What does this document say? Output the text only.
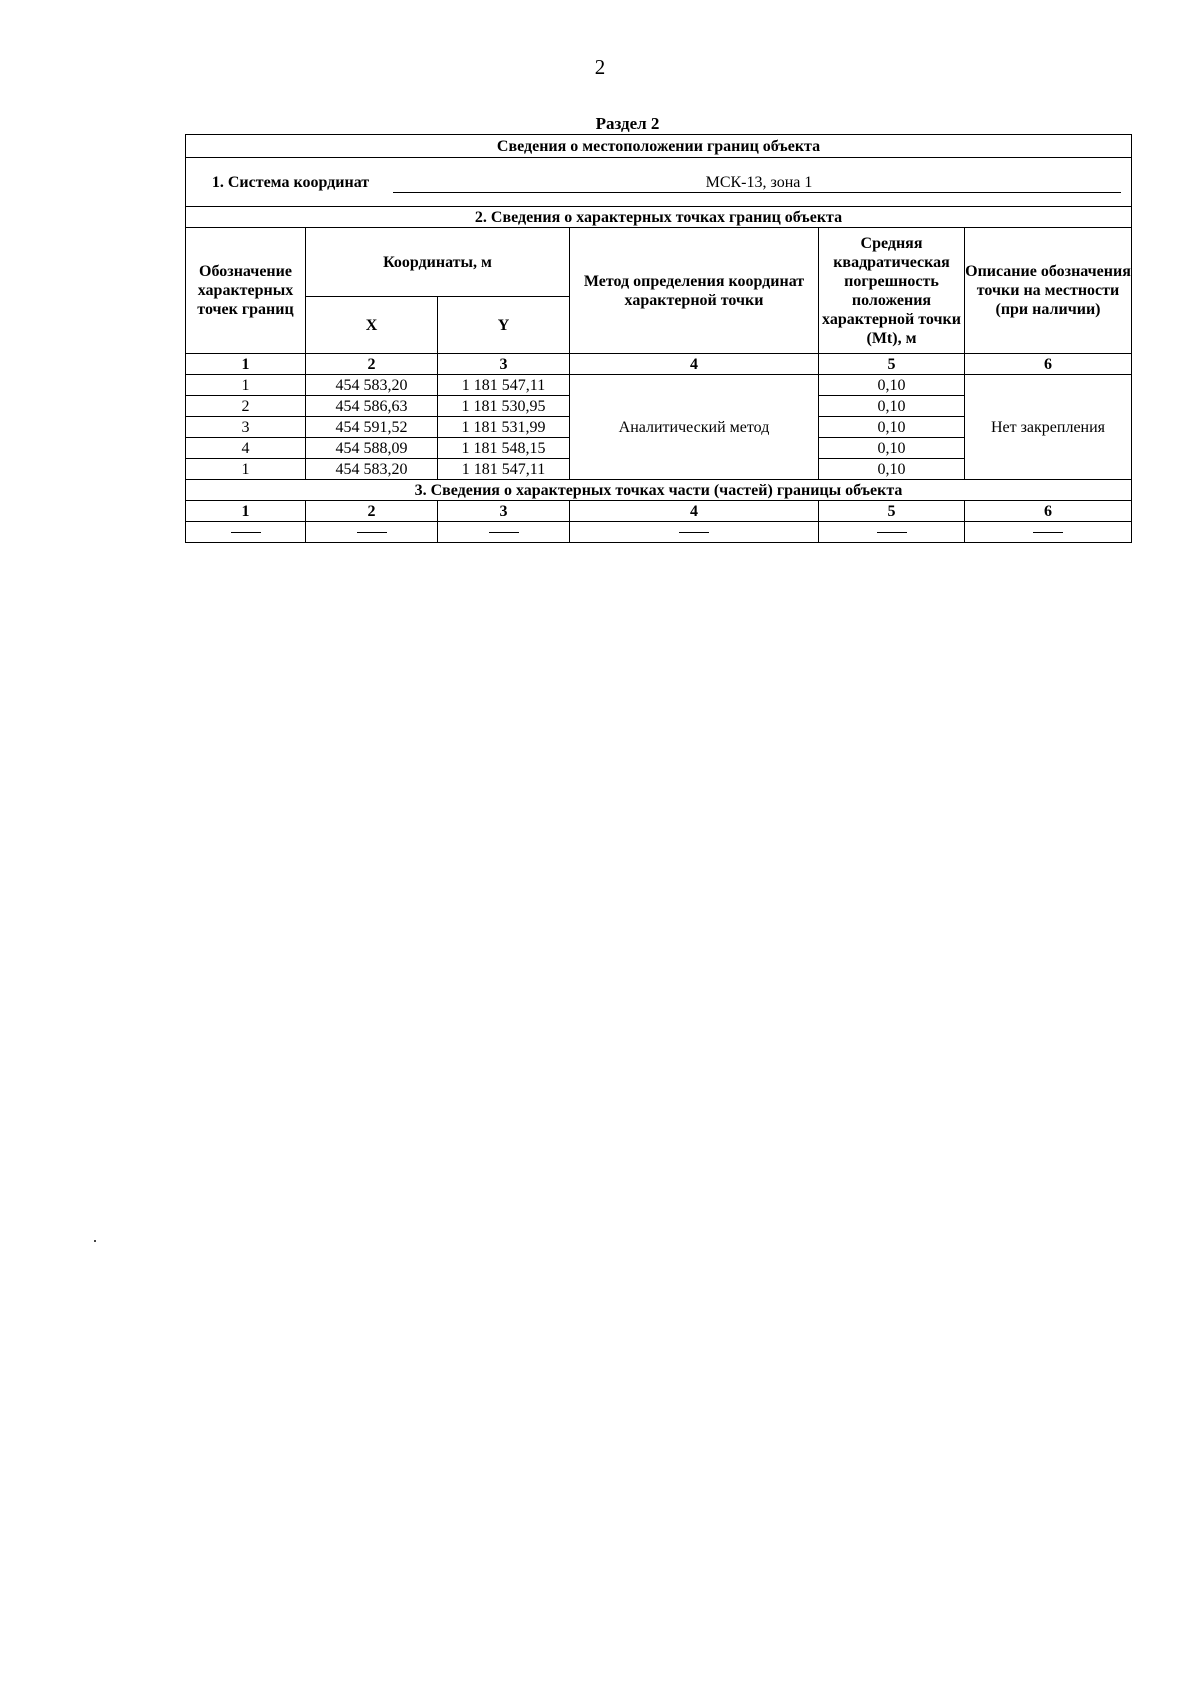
2
Раздел 2
Сведения о местоположении границ объекта					

1. Система координат МСК-13, зона 1					

2. Сведения о характерных точках границ объекта					
Обозначение характерных точек границ	Координаты, м		Метод определения координат характерной точки	Средняя квадратическая погрешность положения характерной точки (Mt), м	Описание обозначения точки на местности (при наличии)
	X	Y			
1	2	3	4	5	6
1	454 583,20	1 181 547,11	Аналитический метод	0,10	Нет закрепления
2	454 586,63	1 181 530,95		0,10	
3	454 591,52	1 181 531,99		0,10	
4	454 588,09	1 181 548,15		0,10	
1	454 583,20	1 181 547,11		0,10	
3. Сведения о характерных точках части (частей) границы объекта					
1	2	3	4	5	6
